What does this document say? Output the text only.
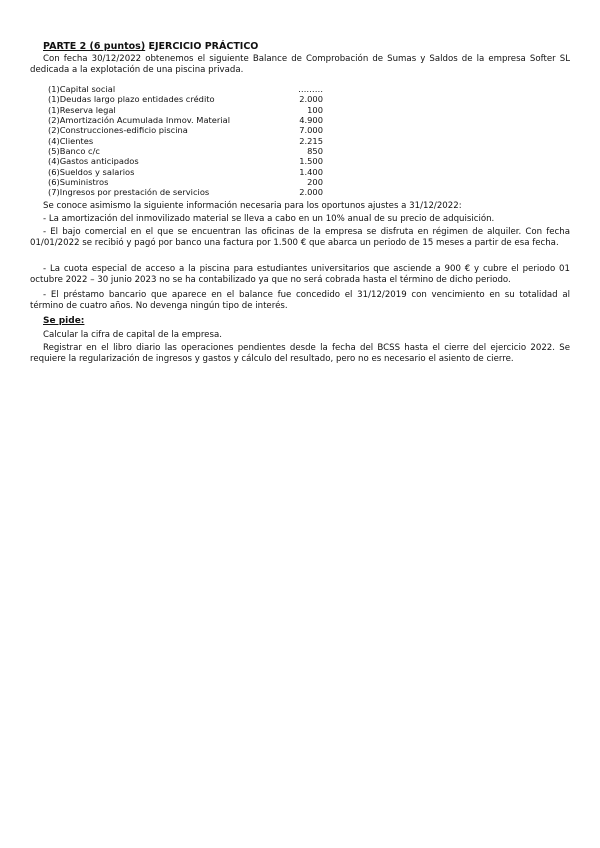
PARTE 2 (6 puntos) EJERCICIO PRÁCTICO
Con fecha 30/12/2022 obtenemos el siguiente Balance de Comprobación de Sumas y Saldos de la empresa Softer SL dedicada a la explotación de una piscina privada.
(1)Capital social	………
(1)Deudas largo plazo entidades crédito	2.000
(1)Reserva legal	100
(2)Amortización Acumulada Inmov. Material	4.900
(2)Construcciones-edificio piscina	7.000
(4)Clientes	2.215
(5)Banco c/c	850
(4)Gastos anticipados	1.500
(6)Sueldos y salarios	1.400
(6)Suministros	200
(7)Ingresos por prestación de servicios	2.000
Se conoce asimismo la siguiente información necesaria para los oportunos ajustes a 31/12/2022:
- La amortización del inmovilizado material se lleva a cabo en un 10% anual de su precio de adquisición.
- El bajo comercial en el que se encuentran las oficinas de la empresa se disfruta en régimen de alquiler. Con fecha 01/01/2022 se recibió y pagó por banco una factura por 1.500 € que abarca un periodo de 15 meses a partir de esa fecha.
- La cuota especial de acceso a la piscina para estudiantes universitarios que asciende a 900 € y cubre el periodo 01 octubre 2022 – 30 junio 2023 no se ha contabilizado ya que no será cobrada hasta el término de dicho periodo.
- El préstamo bancario que aparece en el balance fue concedido el 31/12/2019 con vencimiento en su totalidad al término de cuatro años. No devenga ningún tipo de interés.
Se pide:
Calcular la cifra de capital de la empresa.
Registrar en el libro diario las operaciones pendientes desde la fecha del BCSS hasta el cierre del ejercicio 2022. Se requiere la regularización de ingresos y gastos y cálculo del resultado, pero no es necesario el asiento de cierre.
